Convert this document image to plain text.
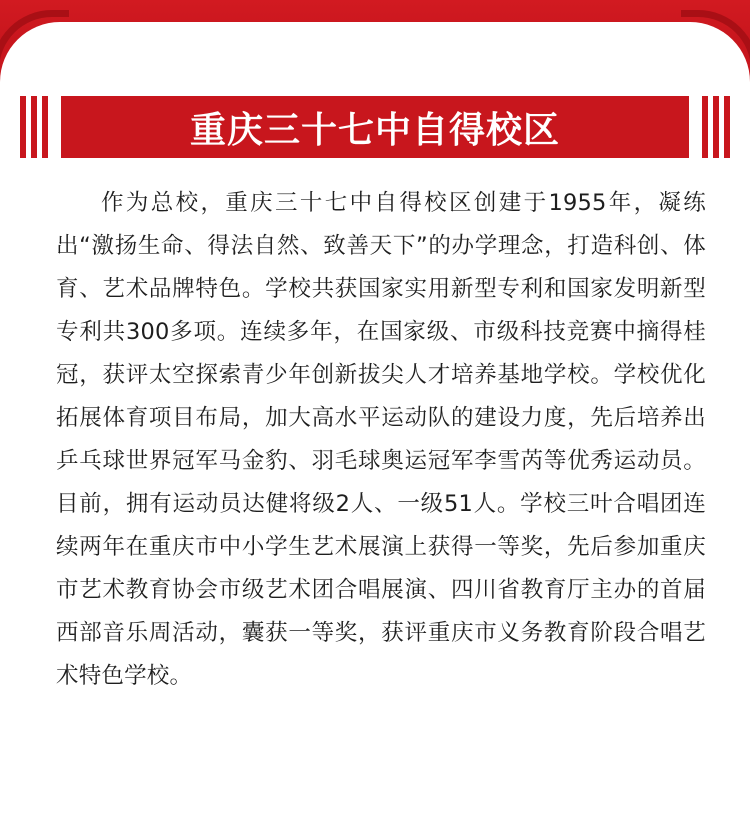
重庆三十七中自得校区

作为总校，重庆三十七中自得校区创建于1955年，凝练出“激扬生命、得法自然、致善天下”的办学理念，打造科创、体育、艺术品牌特色。学校共获国家实用新型专利和国家发明新型专利共300多项。连续多年，在国家级、市级科技竞赛中摘得桂冠，获评太空探索青少年创新拔尖人才培养基地学校。学校优化拓展体育项目布局，加大高水平运动队的建设力度，先后培养出乒乓球世界冠军马金豹、羽毛球奥运冠军李雪芮等优秀运动员。目前，拥有运动员达健将级2人、一级51人。学校三叶合唱团连续两年在重庆市中小学生艺术展演上获得一等奖，先后参加重庆市艺术教育协会市级艺术团合唱展演、四川省教育厅主办的首届西部音乐周活动，囊获一等奖，获评重庆市义务教育阶段合唱艺术特色学校。
